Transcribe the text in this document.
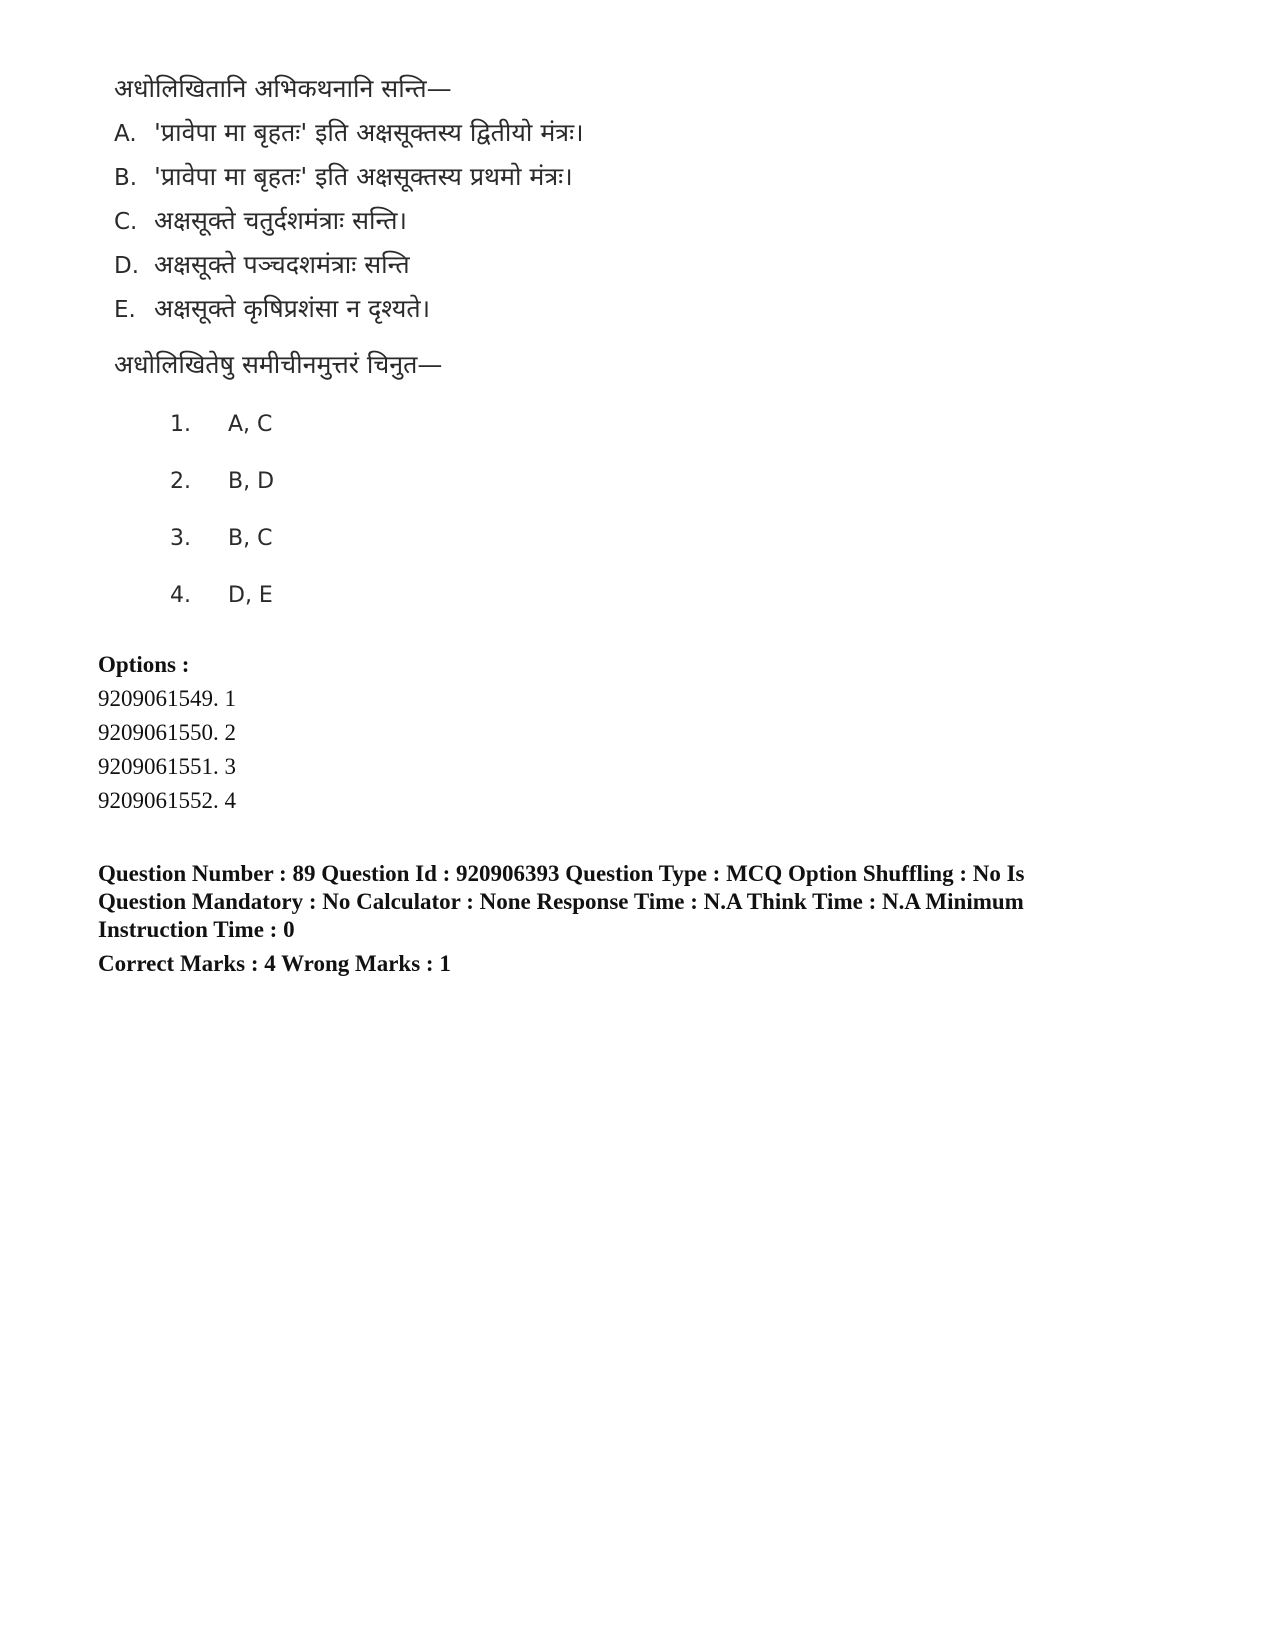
अधोलिखितानि अभिकथनानि सन्ति—
A. 'प्रावेपा मा बृहतः' इति अक्षसूक्तस्य द्वितीयो मंत्रः।
B. 'प्रावेपा मा बृहतः' इति अक्षसूक्तस्य प्रथमो मंत्रः।
C. अक्षसूक्ते चतुर्दशमंत्राः सन्ति।
D. अक्षसूक्ते पञ्चदशमंत्राः सन्ति
E. अक्षसूक्ते कृषिप्रशंसा न दृश्यते।
अधोलिखितेषु समीचीनमुत्तरं चिनुत—
1.	A, C
2.	B, D
3.	B, C
4.	D, E
Options :
9209061549. 1
9209061550. 2
9209061551. 3
9209061552. 4
Question Number : 89 Question Id : 920906393 Question Type : MCQ Option Shuffling : No Is
Question Mandatory : No Calculator : None Response Time : N.A Think Time : N.A Minimum
Instruction Time : 0
Correct Marks : 4 Wrong Marks : 1
